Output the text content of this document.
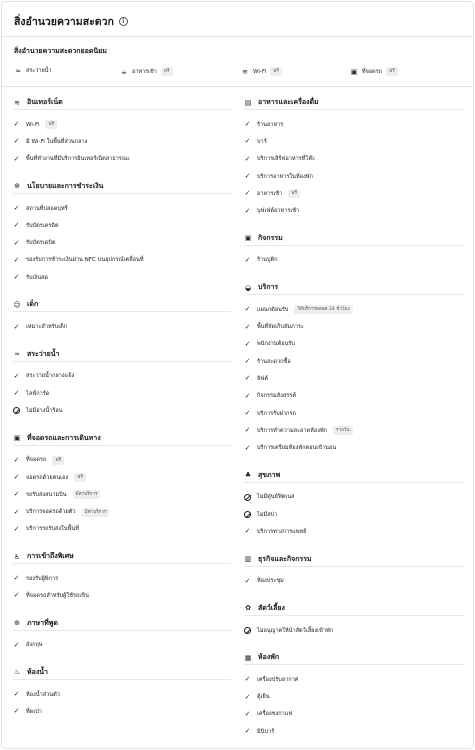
สิ่งอำนวยความสะดวก	i
สิ่งอำนวยความสะดวกยอดนิยม
≈ สระว่ายน้ำ	☕ อาหารเช้า	ฟรี	≋ Wi-Fi	ฟรี	▣ ที่จอดรถ	ฟรี
≋ อินเทอร์เน็ต
✓ Wi-Fi	ฟรี
✓ มี Wi-Fi ในพื้นที่ส่วนกลาง
✓ พื้นที่ทำงานที่มีบริการอินเทอร์เน็ตสาธารณะ
⊕ นโยบายและการชำระเงิน
✓ สถานที่ปลอดบุหรี่
✓ รับบัตรเครดิต
✓ รับบัตรเดบิต
✓ รองรับการชำระเงินผ่าน NFC บนอุปกรณ์เคลื่อนที่
✓ รับเงินสด
☺ เด็ก
✓ เหมาะสำหรับเด็ก
≈ สระว่ายน้ำ
✓ สระว่ายน้ำกลางแจ้ง
✓ ไลฟ์การ์ด
ไม่มีอ่างน้ำร้อน
▣ ที่จอดรถและการเดินทาง
✓ ที่จอดรถ	ฟรี
✓ จอดรถด้วยตนเอง	ฟรี
✓ รถรับส่งสนามบิน	มีค่าบริการ
✓ บริการจอดรถด้วยตัว	มีค่าบริการ
✓ บริการรถรับส่งในพื้นที่
♿ การเข้าถึงพิเศษ
✓ รองรับผู้พิการ
✓ ที่จอดรถสำหรับผู้ใช้รถเข็น
⊕ ภาษาที่พูด
✓ อังกฤษ
♨ ห้องน้ำ
✓ ห้องน้ำส่วนตัว
✓ ที่ดเป่า
▤ อาหารและเครื่องดื่ม
✓ ร้านอาหาร
✓ บาร์
✓ บริการเสิร์ฟอาหารที่โต๊ะ
✓ บริการอาหารในห้องพัก
✓ อาหารเช้า	ฟรี
✓ บุฟเฟ่ต์อาหารเช้า
▣ กิจกรรม
✓ ร้านบูติก
◒ บริการ
✓ แผนกต้อนรับ	ให้บริการตลอด 24 ชั่วโมง
✓ พื้นที่จัดเก็บสัมภาระ
✓ พนักงานต้อนรับ
✓ ร้านสะดวกซื้อ
✓ ลิฟต์
✓ กิจกรรมสังสรรค์
✓ บริการรับฝากรถ
✓ บริการทำความสะอาดห้องพัก	รายวัน
✓ บริการเตรียมห้องพักตอนเข้านอน
♣ สุขภาพ
ไม่มีศูนย์ฟิตเนส
ไม่มีสปา
✓ บริการทางการแพทย์
▥ ธุรกิจและกิจกรรม
✓ ห้องประชุม
✿ สัตว์เลี้ยง
ไม่อนุญาตให้นำสัตว์เลี้ยงเข้าพัก
▦ ห้องพัก
✓ เครื่องปรับอากาศ
✓ ตู้เย็น
✓ เครื่องชงกาแฟ
✓ มินิบาร์
